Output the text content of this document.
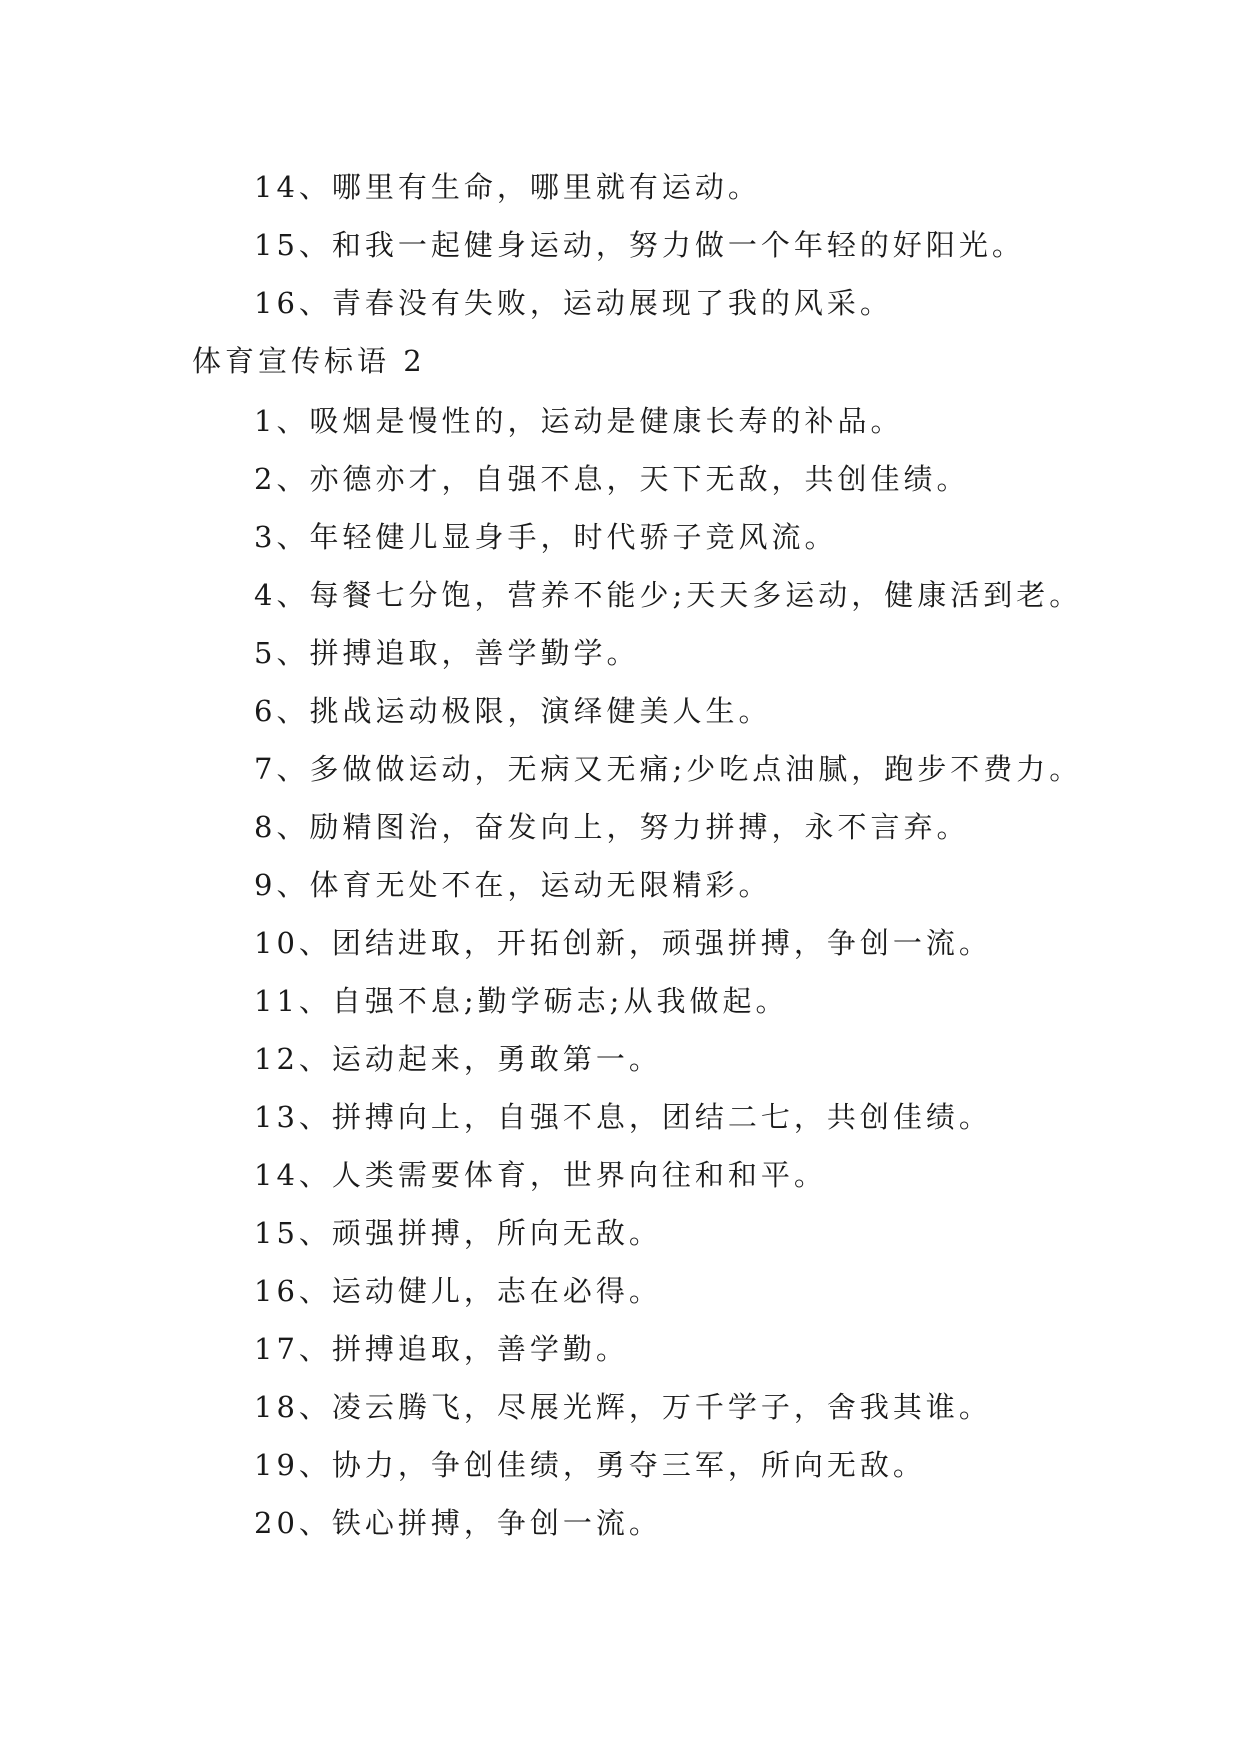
14、哪里有生命，哪里就有运动。
15、和我一起健身运动，努力做一个年轻的好阳光。
16、青春没有失败，运动展现了我的风采。
体育宣传标语 2
1、吸烟是慢性的，运动是健康长寿的补品。
2、亦德亦才，自强不息，天下无敌，共创佳绩。
3、年轻健儿显身手，时代骄子竞风流。
4、每餐七分饱，营养不能少;天天多运动，健康活到老。
5、拼搏追取，善学勤学。
6、挑战运动极限，演绎健美人生。
7、多做做运动，无病又无痛;少吃点油腻，跑步不费力。
8、励精图治，奋发向上，努力拼搏，永不言弃。
9、体育无处不在，运动无限精彩。
10、团结进取，开拓创新，顽强拼搏，争创一流。
11、自强不息;勤学砺志;从我做起。
12、运动起来，勇敢第一。
13、拼搏向上，自强不息，团结二七，共创佳绩。
14、人类需要体育，世界向往和和平。
15、顽强拼搏，所向无敌。
16、运动健儿，志在必得。
17、拼搏追取，善学勤。
18、凌云腾飞，尽展光辉，万千学子，舍我其谁。
19、协力，争创佳绩，勇夺三军，所向无敌。
20、铁心拼搏，争创一流。
